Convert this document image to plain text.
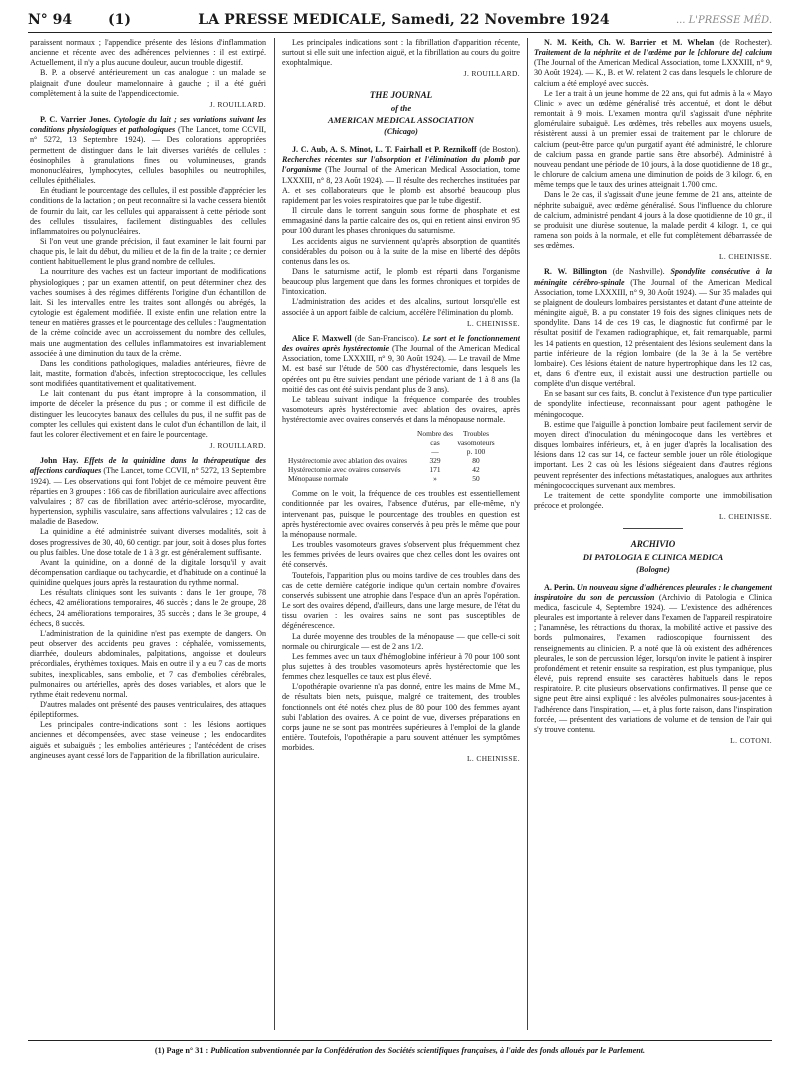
N° 94	(1)	LA PRESSE MEDICALE, Samedi, 22 Novembre 1924	... L'PRESSE MÉD.

paraissent normaux ; l'appendice présente des lésions d'inflammation ancienne et récente avec des adhérences pelviennes : il est extirpé. Actuellement, il n'y a plus aucune douleur, aucun trouble digestif.

B. P. a observé antérieurement un cas analogue : un malade se plaignait d'une douleur mamelonnaire à gauche ; il a été guéri complètement à la suite de l'appendicectomie.

J. ROUILLARD.

P. C. Varrier Jones. Cytologie du lait ; ses variations suivant les conditions physiologiques et pathologiques (The Lancet, tome CCVII, n° 5272, 13 Septembre 1924). — Des colorations appropriées permettent de distinguer dans le lait diverses variétés de cellules : éosinophiles à granulations fines ou volumineuses, grands mononucléaires, lymphocytes, cellules basophiles ou neutrophiles, cellules épithéliales.

En étudiant le pourcentage des cellules, il est possible d'apprécier les conditions de la lactation ; on peut reconnaître si la vache cessera bientôt de fournir du lait, car les cellules qui apparaissent à cette période sont des cellules tissulaires, facilement distinguables des cellules inflammatoires ou polynucléaires.

Si l'on veut une grande précision, il faut examiner le lait fourni par chaque pis, le lait du début, du milieu et de la fin de la traite ; ce dernier contient habituellement le plus grand nombre de cellules.

La nourriture des vaches est un facteur important de modifications physiologiques ; par un examen attentif, on peut déterminer chez des vaches soumises à des régimes différents l'origine d'un échantillon de lait. Si les intervalles entre les traites sont allongés ou abrégés, la cytologie est également modifiée. Il existe enfin une relation entre la teneur en matières grasses et le pourcentage des cellules : l'augmentation de la crème coïncide avec un accroissement du nombre des cellules, mais une augmentation des cellules inflammatoires est invariablement associée à une diminution du taux de la crème.

Dans les conditions pathologiques, maladies antérieures, fièvre de lait, mastite, formation d'abcès, infection streptococcique, les cellules sont modifiées quantitativement et qualitativement.

Le lait contenant du pus étant impropre à la consommation, il importe de déceler la présence du pus ; or comme il est difficile de distinguer les leucocytes banaux des cellules du pus, il ne suffit pas de compter les cellules qui existent dans le culot d'un échantillon de lait, il faut les colorer électivement et en faire le pourcentage.

J. ROUILLARD.

John Hay. Effets de la quinidine dans la thérapeutique des affections cardiaques (The Lancet, tome CCVII, n° 5272, 13 Septembre 1924). — Les observations qui font l'objet de ce mémoire peuvent être réparties en 3 groupes : 166 cas de fibrillation auriculaire avec affections valvulaires ; 87 cas de fibrillation avec artério-sclérose, myocardite, hypertension, syphilis vasculaire, sans affections valvulaires ; 12 cas de maladie de Basedow.

La quinidine a été administrée suivant diverses modalités, soit à doses progressives de 30, 40, 60 centigr. par jour, soit à doses plus fortes ou plus faibles. Une dose totale de 1 à 3 gr. est généralement suffisante.

Avant la quinidine, on a donné de la digitale lorsqu'il y avait décompensation cardiaque ou tachycardie, et d'habitude on a continué la quinidine quelques jours après la restauration du rythme normal.

Les résultats cliniques sont les suivants : dans le 1er groupe, 78 échecs, 42 améliorations temporaires, 46 succès ; dans le 2e groupe, 28 échecs, 24 améliorations temporaires, 35 succès ; dans le 3e groupe, 4 échecs, 8 succès.

L'administration de la quinidine n'est pas exempte de dangers. On peut observer des accidents peu graves : céphalée, vomissements, diarrhée, douleurs abdominales, palpitations, angoisse et douleurs précordiales, érythèmes toxiques. Mais en outre il y a eu 7 cas de morts subites, inexplicables, sans embolie, et 7 cas d'embolies cérébrales, pulmonaires ou artérielles, après des doses variables, et alors que le rythme était redevenu normal.

D'autres malades ont présenté des pauses ventriculaires, des attaques épileptiformes.

Les principales contre-indications sont : les lésions aortiques anciennes et décompensées, avec stase veineuse ; les endocardites aiguës et subaiguës ; les embolies antérieures ; l'antécédent de crises angineuses ayant cessé lors de l'apparition de la fibrillation auriculaire.

Les principales indications sont : la fibrillation d'apparition récente, surtout si elle suit une infection aiguë, et la fibrillation au cours du goitre exophtalmique.

J. ROUILLARD.

THE JOURNAL
of the
AMERICAN MEDICAL ASSOCIATION
(Chicago)

J. C. Aub, A. S. Minot, L. T. Fairhall et P. Reznikoff (de Boston). Recherches récentes sur l'absorption et l'élimination du plomb par l'organisme (The Journal of the American Medical Association, tome LXXXIII, n° 8, 23 Août 1924). — Il résulte des recherches instituées par A. et ses collaborateurs que le plomb est absorbé beaucoup plus rapidement par les voies respiratoires que par le tube digestif.

Il circule dans le torrent sanguin sous forme de phosphate et est emmagasiné dans la partie calcaire des os, qui en retient ainsi environ 95 pour 100 durant les phases chroniques du saturnisme.

Les accidents aigus ne surviennent qu'après absorption de quantités considérables du poison ou à la suite de la mise en liberté des dépôts contenus dans les os.

Dans le saturnisme actif, le plomb est réparti dans l'organisme beaucoup plus largement que dans les formes chroniques et torpides de l'intoxication.

L'administration des acides et des alcalins, surtout lorsqu'elle est associée à un apport faible de calcium, accélère l'élimination du plomb.

L. CHEINISSE.

Alice F. Maxwell (de San-Francisco). Le sort et le fonctionnement des ovaires après hystérectomie (The Journal of the American Medical Association, tome LXXXIII, n° 9, 30 Août 1924). — Le travail de Mme M. est basé sur l'étude de 500 cas d'hystérectomie, dans lesquels les opérées ont pu être suivies pendant une période variant de 1 à 8 ans (la moitié des cas ont été suivis pendant plus de 3 ans).

Le tableau suivant indique la fréquence comparée des troubles vasomoteurs après hystérectomie avec ablation des ovaires, après hystérectomie avec ovaires conservés et dans la ménopause normale.

Nombre des cas
Troubles vasomoteurs
—	p. 100
Hystérectomie avec ablation des ovaires	329	80
Hystérectomie avec ovaires conservés	171	42
Ménopause normale	»	50

Comme on le voit, la fréquence de ces troubles est essentiellement conditionnée par les ovaires, l'absence d'utérus, par elle-même, n'y intervenant pas, puisque le pourcentage des troubles en question est après hystérectomie avec ovaires conservés à peu près le même que pour la ménopause normale.

Les troubles vasomoteurs graves s'observent plus fréquemment chez les femmes privées de leurs ovaires que chez celles dont les ovaires ont été conservés.

Toutefois, l'apparition plus ou moins tardive de ces troubles dans des cas de cette dernière catégorie indique qu'un certain nombre d'ovaires conservés subissent une atrophie dans l'espace d'un an après l'opération. Le sort des ovaires dépend, d'ailleurs, dans une large mesure, de l'état du tissu ovarien : les ovaires sains ne sont pas susceptibles de dégénérescence.

La durée moyenne des troubles de la ménopause — que celle-ci soit normale ou chirurgicale — est de 2 ans 1/2.

Les femmes avec un taux d'hémoglobine inférieur à 70 pour 100 sont plus sujettes à des troubles vasomoteurs après hystérectomie que les femmes chez lesquelles ce taux est plus élevé.

L'opothérapie ovarienne n'a pas donné, entre les mains de Mme M., de résultats bien nets, puisque, malgré ce traitement, des troubles fonctionnels ont été notés chez plus de 80 pour 100 des femmes ayant subi l'ablation des ovaires. A ce point de vue, diverses préparations en corps jaune ne se sont pas montrées supérieures à l'emploi de la glande entière. Toutefois, l'opothérapie a paru souvent atténuer les symptômes morbides.

L. CHEINISSE.

N. M. Keith, Ch. W. Barrier et M. Whelan (de Rochester). Traitement de la néphrite et de l'œdème par le [chlorure de] calcium (The Journal of the American Medical Association, tome LXXXIII, n° 9, 30 Août 1924). — K., B. et W. relatent 2 cas dans lesquels le chlorure de calcium a été employé avec succès.

Le 1er a trait à un jeune homme de 22 ans, qui fut admis à la « Mayo Clinic » avec un œdème généralisé très accentué, et dont le début remontait à 9 mois. L'examen montra qu'il s'agissait d'une néphrite glomérulaire subaiguë. Les œdèmes, très rebelles aux moyens usuels, résistèrent aussi à un premier essai de traitement par le chlorure de calcium (peut-être parce qu'un purgatif ayant été administré, le chlorure de calcium passa en grande partie sans être absorbé). Administré à nouveau pendant une période de 10 jours, à la dose quotidienne de 18 gr., le chlorure de calcium amena une diminution de poids de 3 kilogr. 6, en même temps que le taux des urines atteignait 1.700 cmc.

Dans le 2e cas, il s'agissait d'une jeune femme de 21 ans, atteinte de néphrite subaiguë, avec œdème généralisé. Sous l'influence du chlorure de calcium, administré pendant 4 jours à la dose quotidienne de 10 gr., il se produisit une diurèse soutenue, la malade perdit 4 kilogr. 1, ce qui ramena son poids à la normale, et elle fut complètement débarrassée de ses œdèmes.

L. CHEINISSE.

R. W. Billington (de Nashville). Spondylite consécutive à la méningite cérébro-spinale (The Journal of the American Medical Association, tome LXXXIII, n° 9, 30 Août 1924). — Sur 35 malades qui se plaignent de douleurs lombaires persistantes et datant d'une atteinte de méningite aiguë, B. a pu constater 19 fois des signes cliniques nets de spondylite. Dans 14 de ces 19 cas, le diagnostic fut confirmé par le résultat positif de l'examen radiographique, et, fait remarquable, parmi les 14 patients en question, 12 présentaient des lésions seulement dans la partie inférieure de la région lombaire (de la 3e à la 5e vertèbre lombaire). Ces lésions étaient de nature hypertrophique dans les 12 cas, et, dans 6 d'entre eux, il existait aussi une destruction partielle ou complète d'un disque vertébral.

En se basant sur ces faits, B. conclut à l'existence d'un type particulier de spondylite infectieuse, reconnaissant pour agent pathogène le méningocoque.

B. estime que l'aiguille à ponction lombaire peut facilement servir de moyen direct d'inoculation du méningocoque dans les vertèbres et disques lombaires inférieurs, et, à en juger d'après la localisation des lésions dans 12 cas sur 14, ce facteur semble jouer un rôle étiologique important. Les 2 cas où les lésions siégeaient dans d'autres régions peuvent représenter des infections métastatiques, analogues aux arthrites méningococciques survenant aux membres.

Le traitement de cette spondylite comporte une immobilisation précoce et prolongée.

L. CHEINISSE.

ARCHIVIO
DI PATOLOGIA E CLINICA MEDICA
(Bologne)

A. Perin. Un nouveau signe d'adhérences pleurales : le changement inspiratoire du son de percussion (Archivio di Patologia e Clinica medica, fascicule 4, Septembre 1924). — L'existence des adhérences pleurales est importante à relever dans l'examen de l'appareil respiratoire ; l'anamnèse, les rétractions du thorax, la mobilité active et passive des bords pulmonaires, l'examen radioscopique fournissent des renseignements au clinicien. P. a noté que là où existent des adhérences pleurales, le son de percussion léger, lorsqu'on invite le patient à inspirer profondément et retenir ensuite sa respiration, est plus tympanique, plus élevé, puis reprend ensuite ses caractères habituels dans le repos respiratoire. P. cite plusieurs observations confirmatives. Il pense que ce signe peut être ainsi expliqué : les alvéoles pulmonaires sous-jacentes à l'adhérence dans l'inspiration, — et, à plus forte raison, dans l'inspiration forcée, — présentent des variations de volume et de tension de l'air qui s'y trouve contenu.

L. COTONI.

(1) Page n° 31 : Publication subventionnée par la Confédération des Sociétés scientifiques françaises, à l'aide des fonds alloués par le Parlement.
